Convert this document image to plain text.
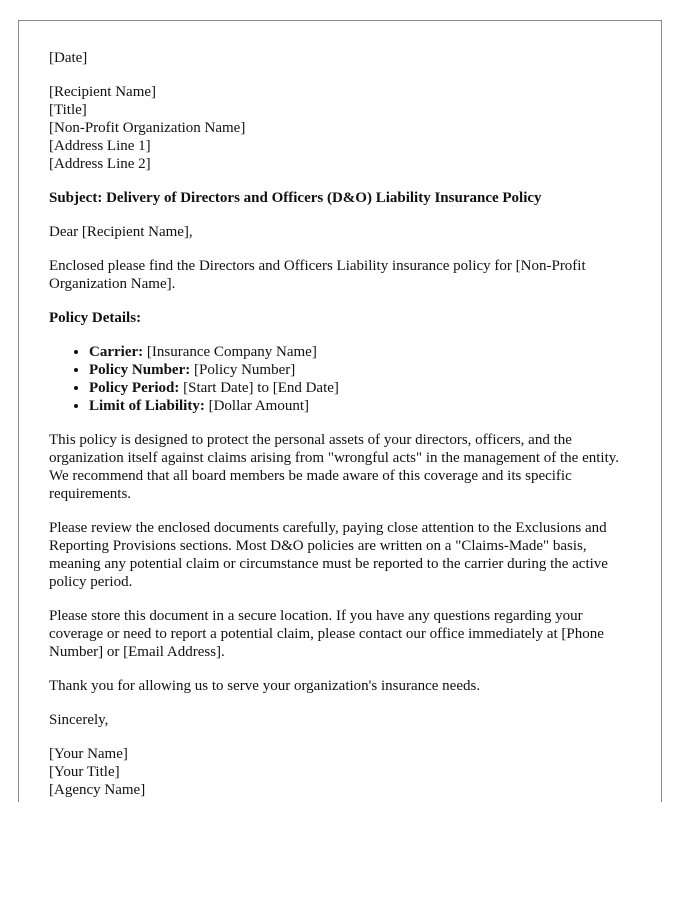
[Date]
[Recipient Name]
[Title]
[Non-Profit Organization Name]
[Address Line 1]
[Address Line 2]
Subject: Delivery of Directors and Officers (D&O) Liability Insurance Policy
Dear [Recipient Name],

Enclosed please find the Directors and Officers Liability insurance policy for [Non-Profit Organization Name].

Policy Details:
• Carrier: [Insurance Company Name]
• Policy Number: [Policy Number]
• Policy Period: [Start Date] to [End Date]
• Limit of Liability: [Dollar Amount]

This policy is designed to protect the personal assets of your directors, officers, and the organization itself against claims arising from "wrongful acts" in the management of the entity. We recommend that all board members be made aware of this coverage and its specific requirements.

Please review the enclosed documents carefully, paying close attention to the Exclusions and Reporting Provisions sections. Most D&O policies are written on a "Claims-Made" basis, meaning any potential claim or circumstance must be reported to the carrier during the active policy period.

Please store this document in a secure location. If you have any questions regarding your coverage or need to report a potential claim, please contact our office immediately at [Phone Number] or [Email Address].

Thank you for allowing us to serve your organization's insurance needs.

Sincerely,
[Your Name]
[Your Title]
[Agency Name]
